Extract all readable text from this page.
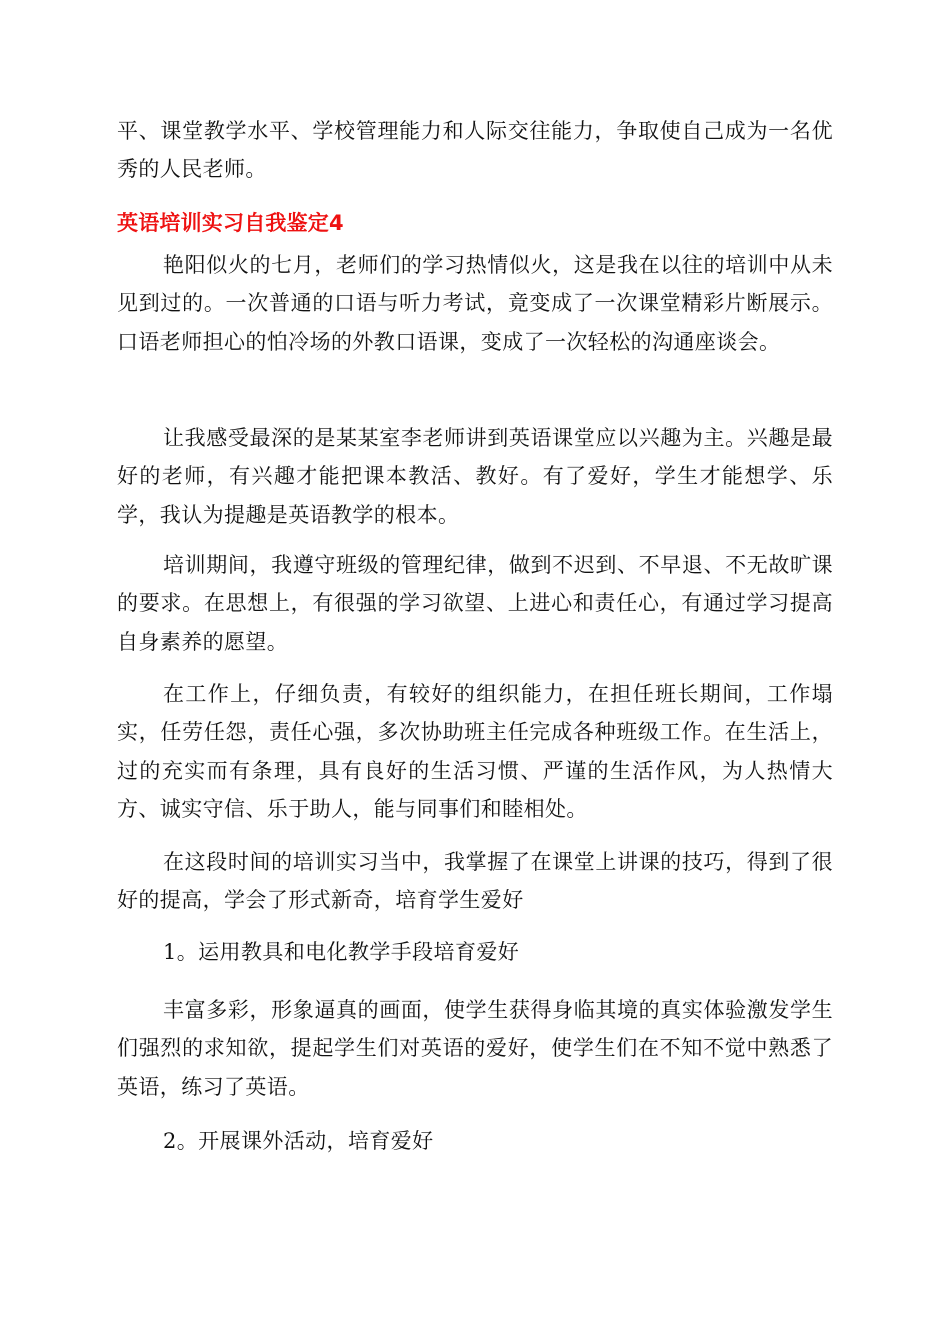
平、课堂教学水平、学校管理能力和人际交往能力，争取使自己成为一名优秀的人民老师。

英语培训实习自我鉴定4

艳阳似火的七月，老师们的学习热情似火，这是我在以往的培训中从未见到过的。一次普通的口语与听力考试，竟变成了一次课堂精彩片断展示。口语老师担心的怕冷场的外教口语课，变成了一次轻松的沟通座谈会。

让我感受最深的是某某室李老师讲到英语课堂应以兴趣为主。兴趣是最好的老师，有兴趣才能把课本教活、教好。有了爱好，学生才能想学、乐学，我认为提趣是英语教学的根本。

培训期间，我遵守班级的管理纪律，做到不迟到、不早退、不无故旷课的要求。在思想上，有很强的学习欲望、上进心和责任心，有通过学习提高自身素养的愿望。

在工作上，仔细负责，有较好的组织能力，在担任班长期间，工作塌实，任劳任怨，责任心强，多次协助班主任完成各种班级工作。在生活上，过的充实而有条理，具有良好的生活习惯、严谨的生活作风，为人热情大方、诚实守信、乐于助人，能与同事们和睦相处。

在这段时间的培训实习当中，我掌握了在课堂上讲课的技巧，得到了很好的提高，学会了形式新奇，培育学生爱好

1。运用教具和电化教学手段培育爱好

丰富多彩，形象逼真的画面，使学生获得身临其境的真实体验激发学生们强烈的求知欲，提起学生们对英语的爱好，使学生们在不知不觉中熟悉了英语，练习了英语。

2。开展课外活动，培育爱好
